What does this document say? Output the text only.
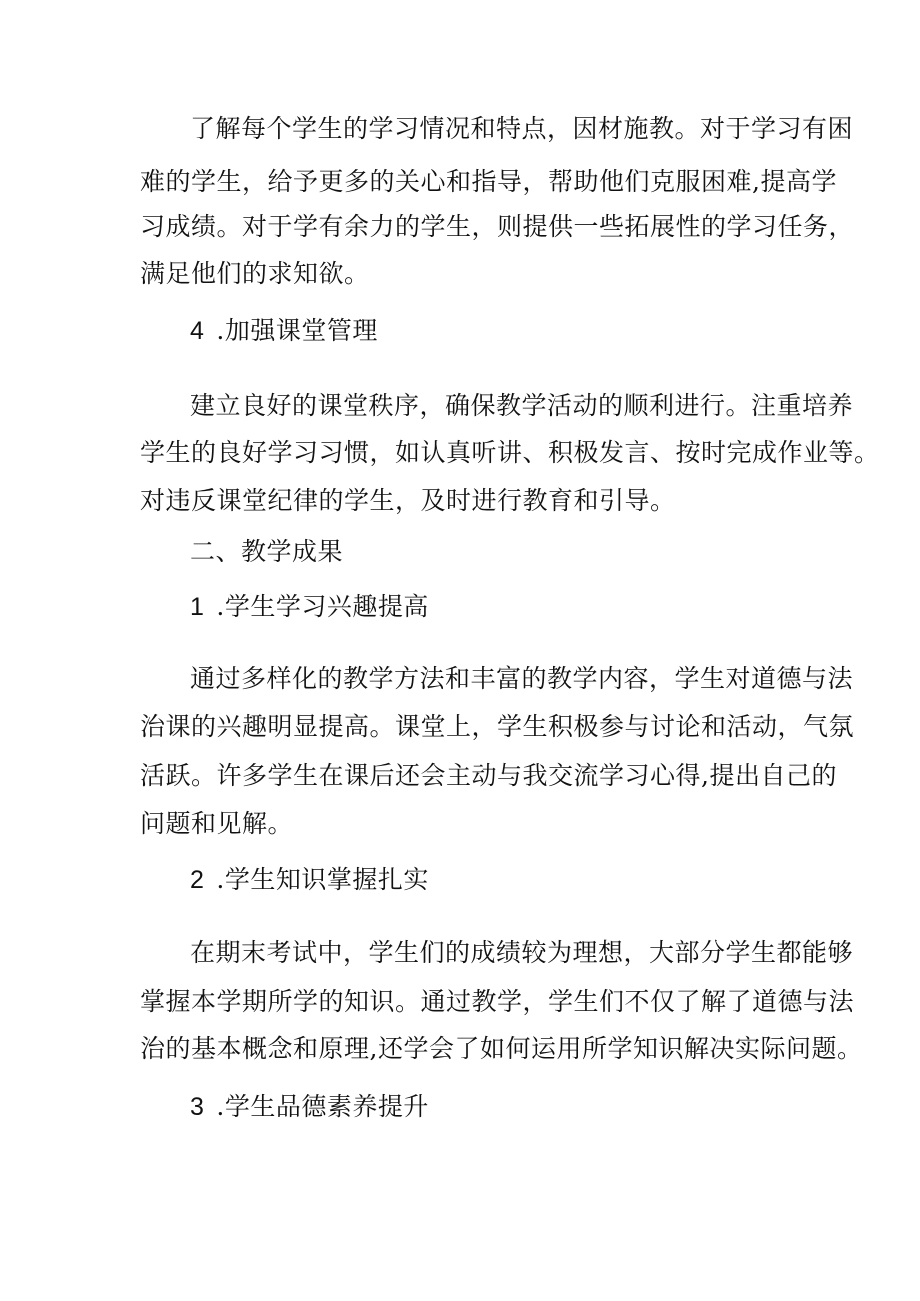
了解每个学生的学习情况和特点，因材施教。对于学习有困
难的学生，给予更多的关心和指导，帮助他们克服困难,提高学
习成绩。对于学有余力的学生，则提供一些拓展性的学习任务，
满足他们的求知欲。
4 .加强课堂管理
建立良好的课堂秩序，确保教学活动的顺利进行。注重培养
学生的良好学习习惯，如认真听讲、积极发言、按时完成作业等。
对违反课堂纪律的学生，及时进行教育和引导。
二、教学成果
1 .学生学习兴趣提高
通过多样化的教学方法和丰富的教学内容，学生对道德与法
治课的兴趣明显提高。课堂上，学生积极参与讨论和活动，气氛
活跃。许多学生在课后还会主动与我交流学习心得,提出自己的
问题和见解。
2 .学生知识掌握扎实
在期末考试中，学生们的成绩较为理想，大部分学生都能够
掌握本学期所学的知识。通过教学，学生们不仅了解了道德与法
治的基本概念和原理,还学会了如何运用所学知识解决实际问题。
3 .学生品德素养提升
